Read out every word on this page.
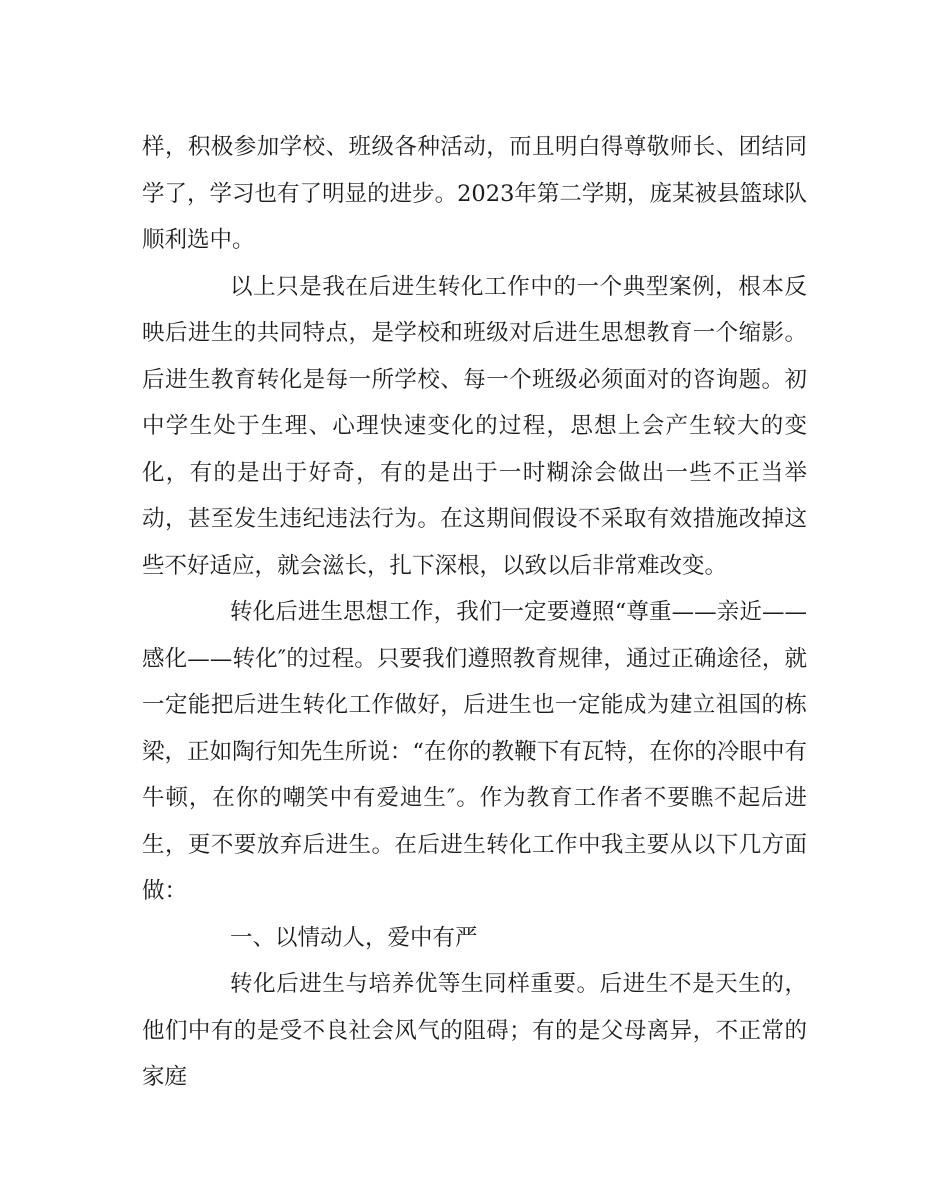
样，积极参加学校、班级各种活动，而且明白得尊敬师长、团结同学了，学习也有了明显的进步。2023年第二学期，庞某被县篮球队顺利选中。

以上只是我在后进生转化工作中的一个典型案例，根本反映后进生的共同特点，是学校和班级对后进生思想教育一个缩影。后进生教育转化是每一所学校、每一个班级必须面对的咨询题。初中学生处于生理、心理快速变化的过程，思想上会产生较大的变化，有的是出于好奇，有的是出于一时糊涂会做出一些不正当举动，甚至发生违纪违法行为。在这期间假设不采取有效措施改掉这些不好适应，就会滋长，扎下深根，以致以后非常难改变。

转化后进生思想工作，我们一定要遵照“尊重——亲近——感化——转化″的过程。只要我们遵照教育规律，通过正确途径，就一定能把后进生转化工作做好，后进生也一定能成为建立祖国的栋梁，正如陶行知先生所说：“在你的教鞭下有瓦特，在你的冷眼中有牛顿，在你的嘲笑中有爱迪生″。作为教育工作者不要瞧不起后进生，更不要放弃后进生。在后进生转化工作中我主要从以下几方面做：

一、以情动人，爱中有严

转化后进生与培养优等生同样重要。后进生不是天生的，他们中有的是受不良社会风气的阻碍；有的是父母离异，不正常的家庭
